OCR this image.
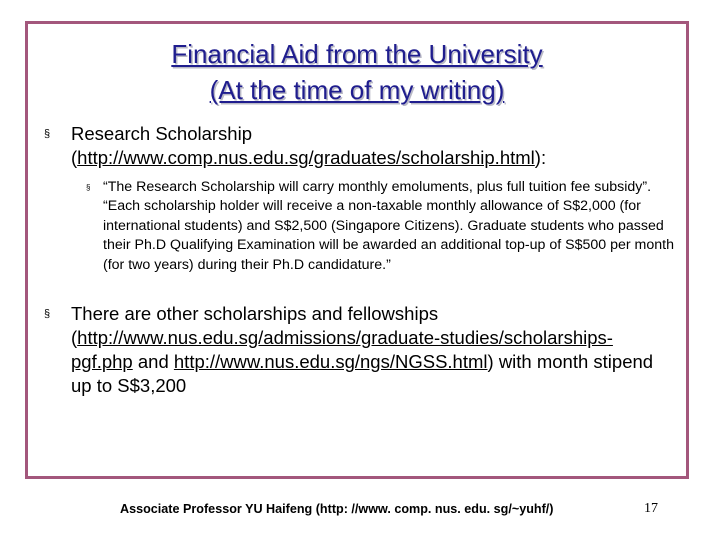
Financial Aid from the University
(At the time of my writing)
§	Research Scholarship (http://www.comp.nus.edu.sg/graduates/scholarship.html):
§ “The Research Scholarship will carry monthly emoluments, plus full tuition fee subsidy”. “Each scholarship holder will receive a non-taxable monthly allowance of S$2,000 (for international students) and S$2,500 (Singapore Citizens). Graduate students who passed their Ph.D Qualifying Examination will be awarded an additional top-up of S$500 per month (for two years) during their Ph.D candidature.”
§	There are other scholarships and fellowships (http://www.nus.edu.sg/admissions/graduate-studies/scholarships-pgf.php and http://www.nus.edu.sg/ngs/NGSS.html) with month stipend up to S$3,200
Associate Professor YU Haifeng (http: //www. comp. nus. edu. sg/~yuhf/)	17
